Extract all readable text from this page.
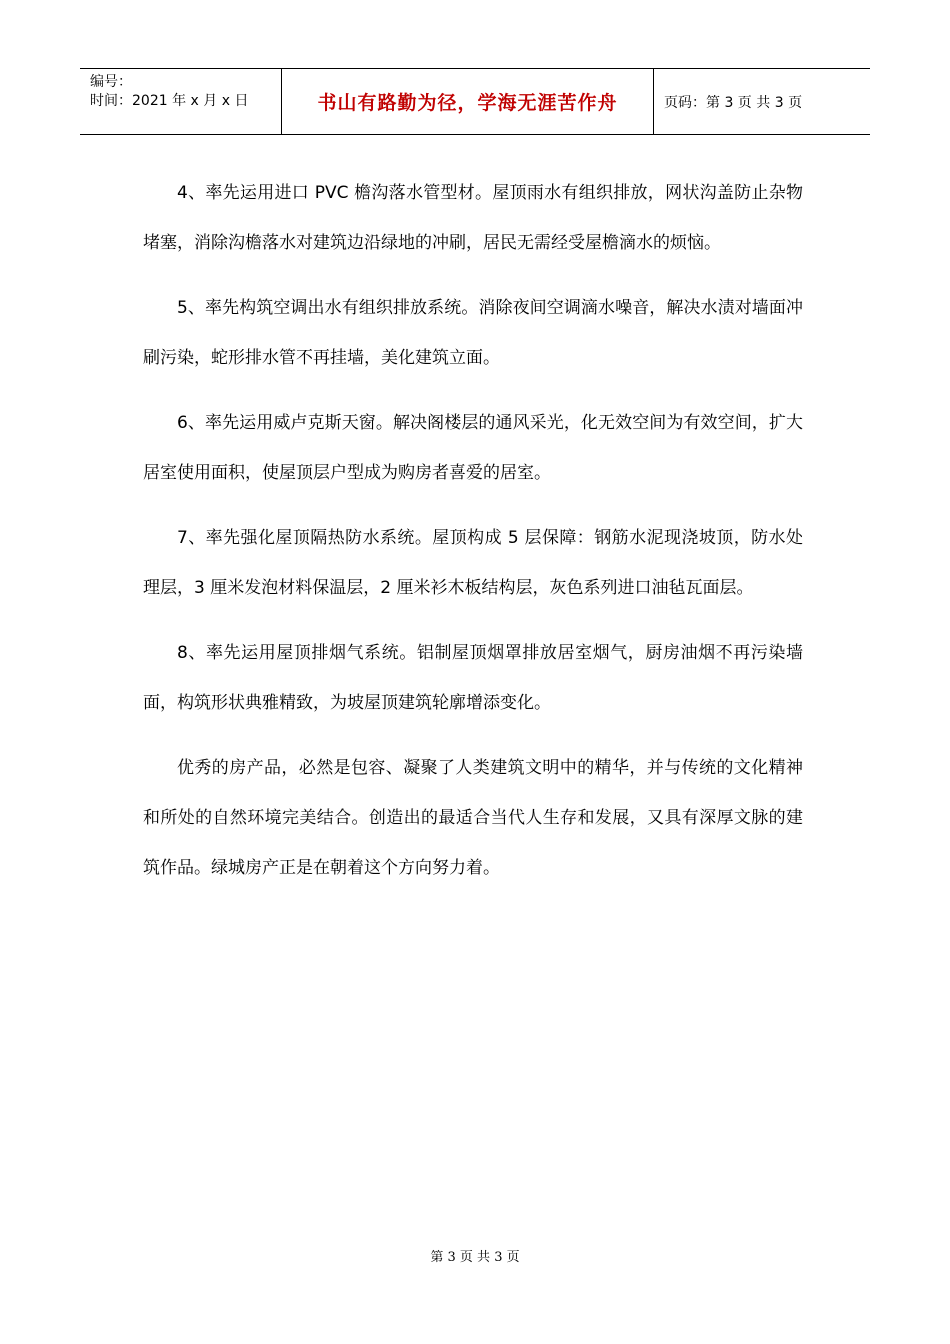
编号：
时间：2021 年 x 月 x 日	书山有路勤为径，学海无涯苦作舟	页码：第 3 页 共 3 页

4、率先运用进口 PVC 檐沟落水管型材。屋顶雨水有组织排放，网状沟盖防止杂物堵塞，消除沟檐落水对建筑边沿绿地的冲刷，居民无需经受屋檐滴水的烦恼。

5、率先构筑空调出水有组织排放系统。消除夜间空调滴水噪音，解决水渍对墙面冲刷污染，蛇形排水管不再挂墙，美化建筑立面。

6、率先运用威卢克斯天窗。解决阁楼层的通风采光，化无效空间为有效空间，扩大居室使用面积，使屋顶层户型成为购房者喜爱的居室。

7、率先强化屋顶隔热防水系统。屋顶构成 5 层保障：钢筋水泥现浇坡顶，防水处理层，3 厘米发泡材料保温层，2 厘米衫木板结构层，灰色系列进口油毡瓦面层。

8、率先运用屋顶排烟气系统。铝制屋顶烟罩排放居室烟气，厨房油烟不再污染墙面，构筑形状典雅精致，为坡屋顶建筑轮廓增添变化。

优秀的房产品，必然是包容、凝聚了人类建筑文明中的精华，并与传统的文化精神和所处的自然环境完美结合。创造出的最适合当代人生存和发展，又具有深厚文脉的建筑作品。绿城房产正是在朝着这个方向努力着。

第 3 页 共 3 页
